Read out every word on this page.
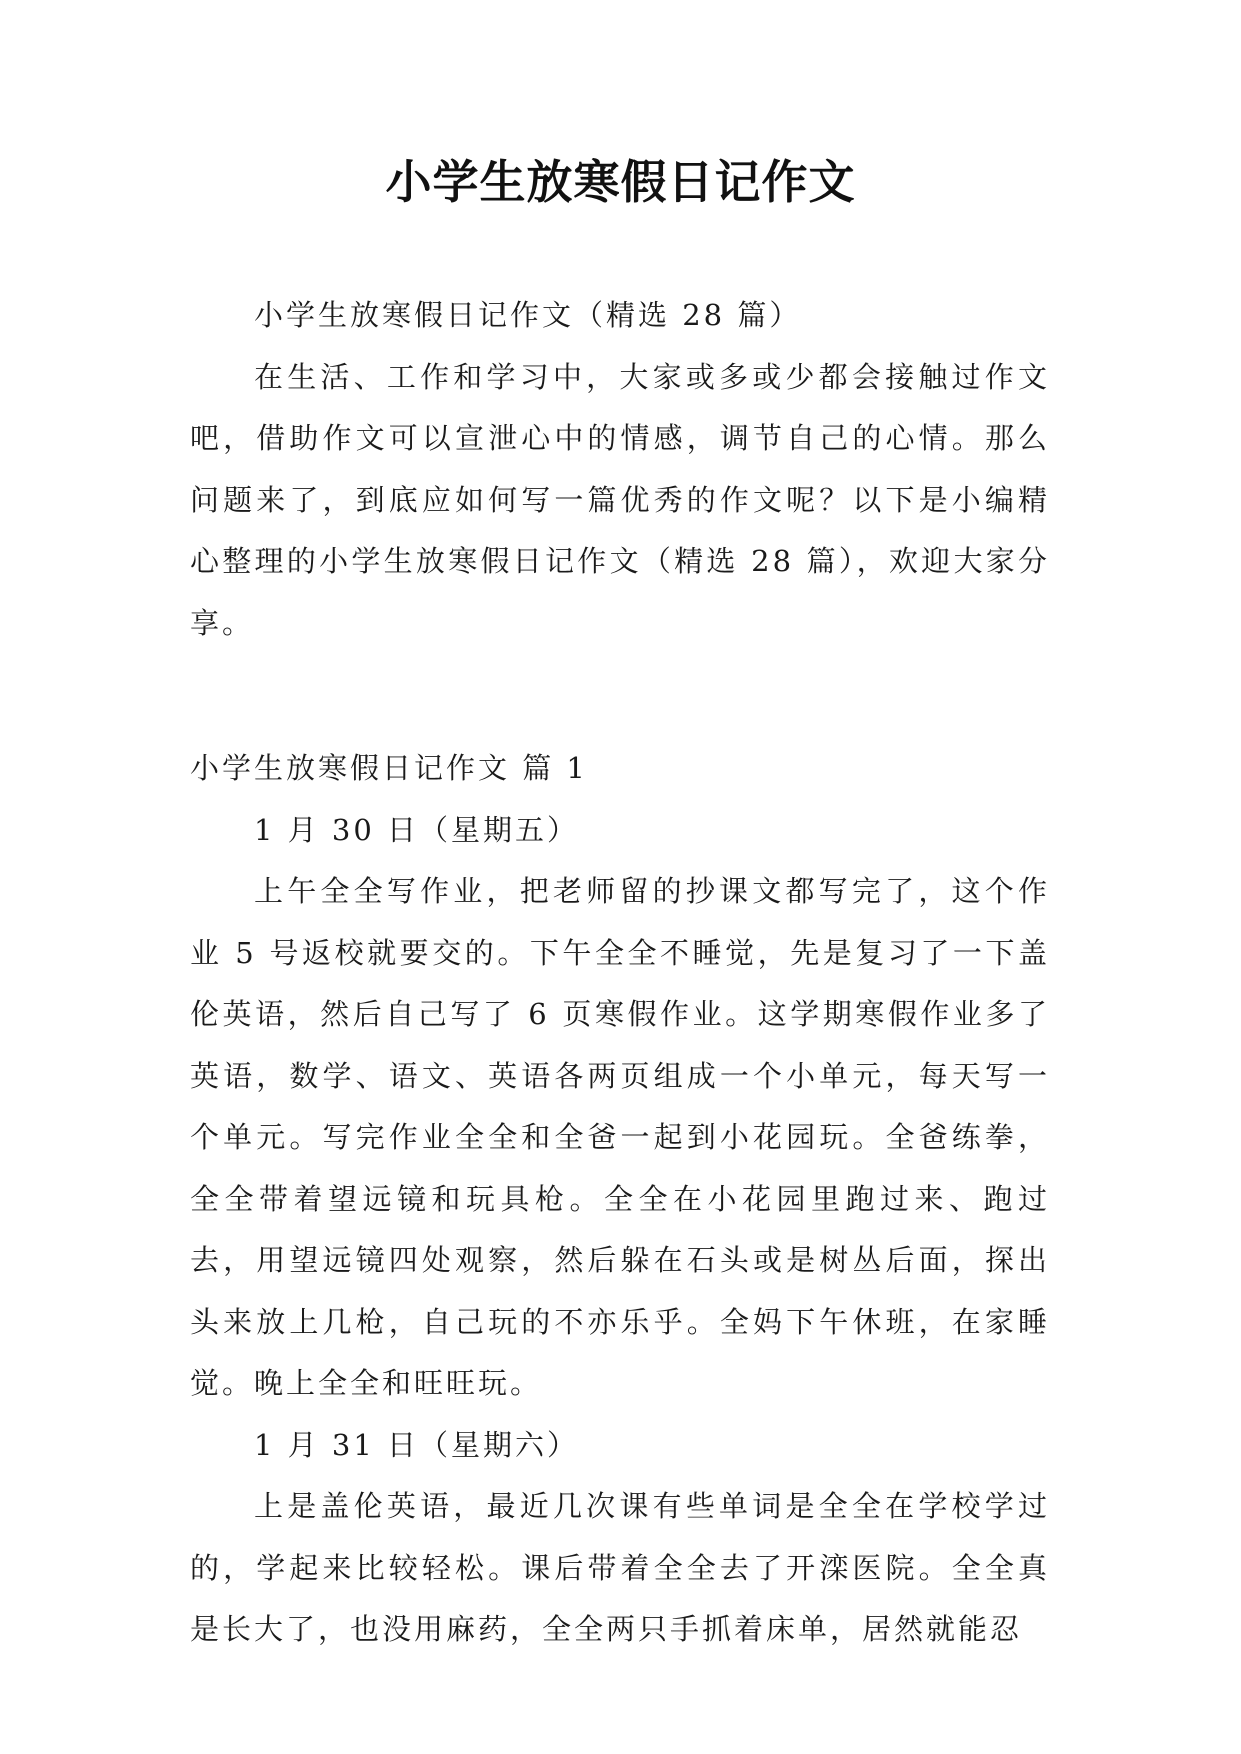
小学生放寒假日记作文

小学生放寒假日记作文（精选 28 篇）

在生活、工作和学习中，大家或多或少都会接触过作文吧，借助作文可以宣泄心中的情感，调节自己的心情。那么问题来了，到底应如何写一篇优秀的作文呢？以下是小编精心整理的小学生放寒假日记作文（精选 28 篇），欢迎大家分享。

小学生放寒假日记作文 篇 1

1 月 30 日（星期五）

上午全全写作业，把老师留的抄课文都写完了，这个作业 5 号返校就要交的。下午全全不睡觉，先是复习了一下盖伦英语，然后自己写了 6 页寒假作业。这学期寒假作业多了英语，数学、语文、英语各两页组成一个小单元，每天写一个单元。写完作业全全和全爸一起到小花园玩。全爸练拳，全全带着望远镜和玩具枪。全全在小花园里跑过来、跑过去，用望远镜四处观察，然后躲在石头或是树丛后面，探出头来放上几枪，自己玩的不亦乐乎。全妈下午休班，在家睡觉。晚上全全和旺旺玩。

1 月 31 日（星期六）

上是盖伦英语，最近几次课有些单词是全全在学校学过的，学起来比较轻松。课后带着全全去了开滦医院。全全真是长大了，也没用麻药，全全两只手抓着床单，居然就能忍
